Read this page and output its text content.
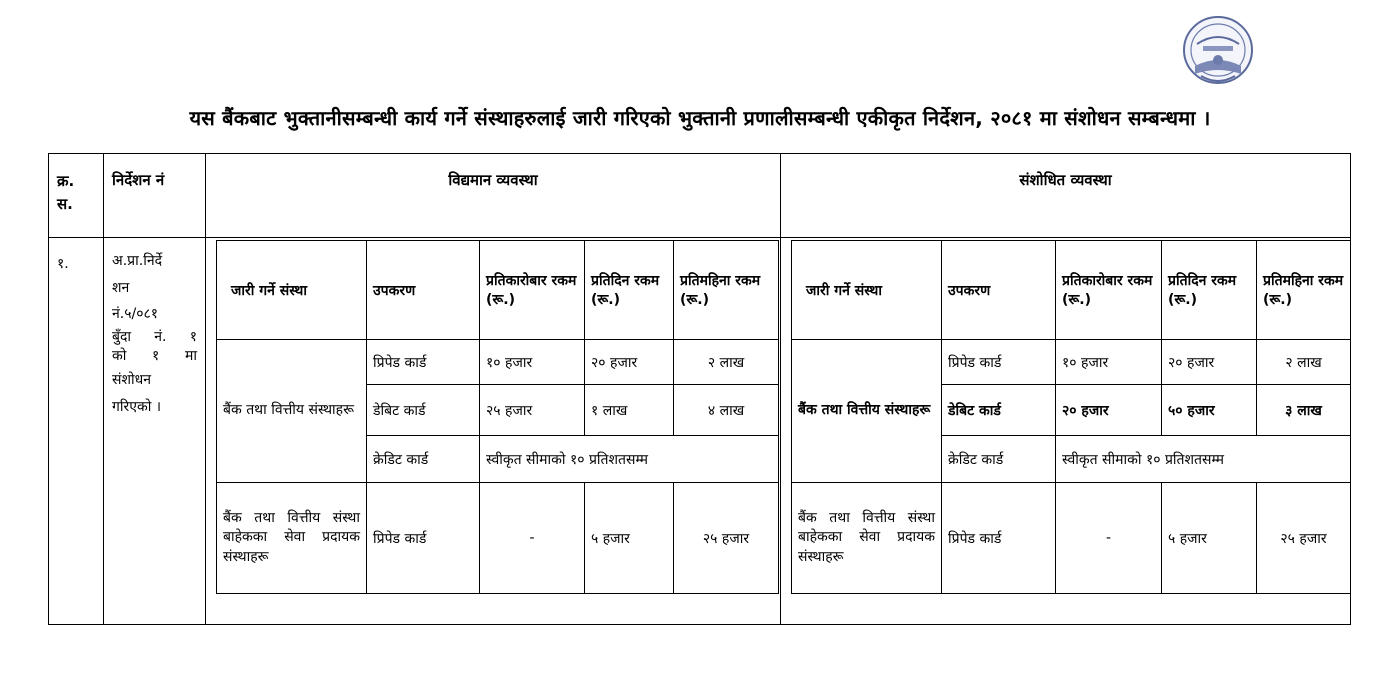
यस बैंकबाट भुक्तानीसम्बन्धी कार्य गर्ने संस्थाहरुलाई जारी गरिएको भुक्तानी प्रणालीसम्बन्धी एकीकृत निर्देशन, २०८१ मा संशोधन सम्बन्धमा ।
क्र.
स.
	निर्देशन नं	विद्यमान व्यवस्था	संशोधित व्यवस्था
१.	अ.प्रा.निर्दे
शन
नं.५/०८१
बुँदा नं. १
को १ मा
संशोधन
गरिएको ।

जारी गर्ने संस्था	उपकरण	प्रतिकारोबार रकम (रू.)	प्रतिदिन रकम (रू.)	प्रतिमहिना रकम (रू.)
बैंक तथा वित्तीय संस्थाहरू	प्रिपेड कार्ड	१० हजार	२० हजार	२ लाख
डेबिट कार्ड	२५ हजार	१ लाख	४ लाख
क्रेडिट कार्ड	स्वीकृत सीमाको १० प्रतिशतसम्म
बैंक तथा वित्तीय संस्था बाहेकका सेवा प्रदायक संस्थाहरू	प्रिपेड कार्ड	-	५ हजार	२५ हजार

जारी गर्ने संस्था	उपकरण	प्रतिकारोबार रकम (रू.)	प्रतिदिन रकम (रू.)	प्रतिमहिना रकम (रू.)
बैंक तथा वित्तीय संस्थाहरू	प्रिपेड कार्ड	१० हजार	२० हजार	२ लाख
डेबिट कार्ड	२० हजार	५० हजार	३ लाख
क्रेडिट कार्ड	स्वीकृत सीमाको १० प्रतिशतसम्म
बैंक तथा वित्तीय संस्था बाहेकका सेवा प्रदायक संस्थाहरू	प्रिपेड कार्ड	-	५ हजार	२५ हजार
